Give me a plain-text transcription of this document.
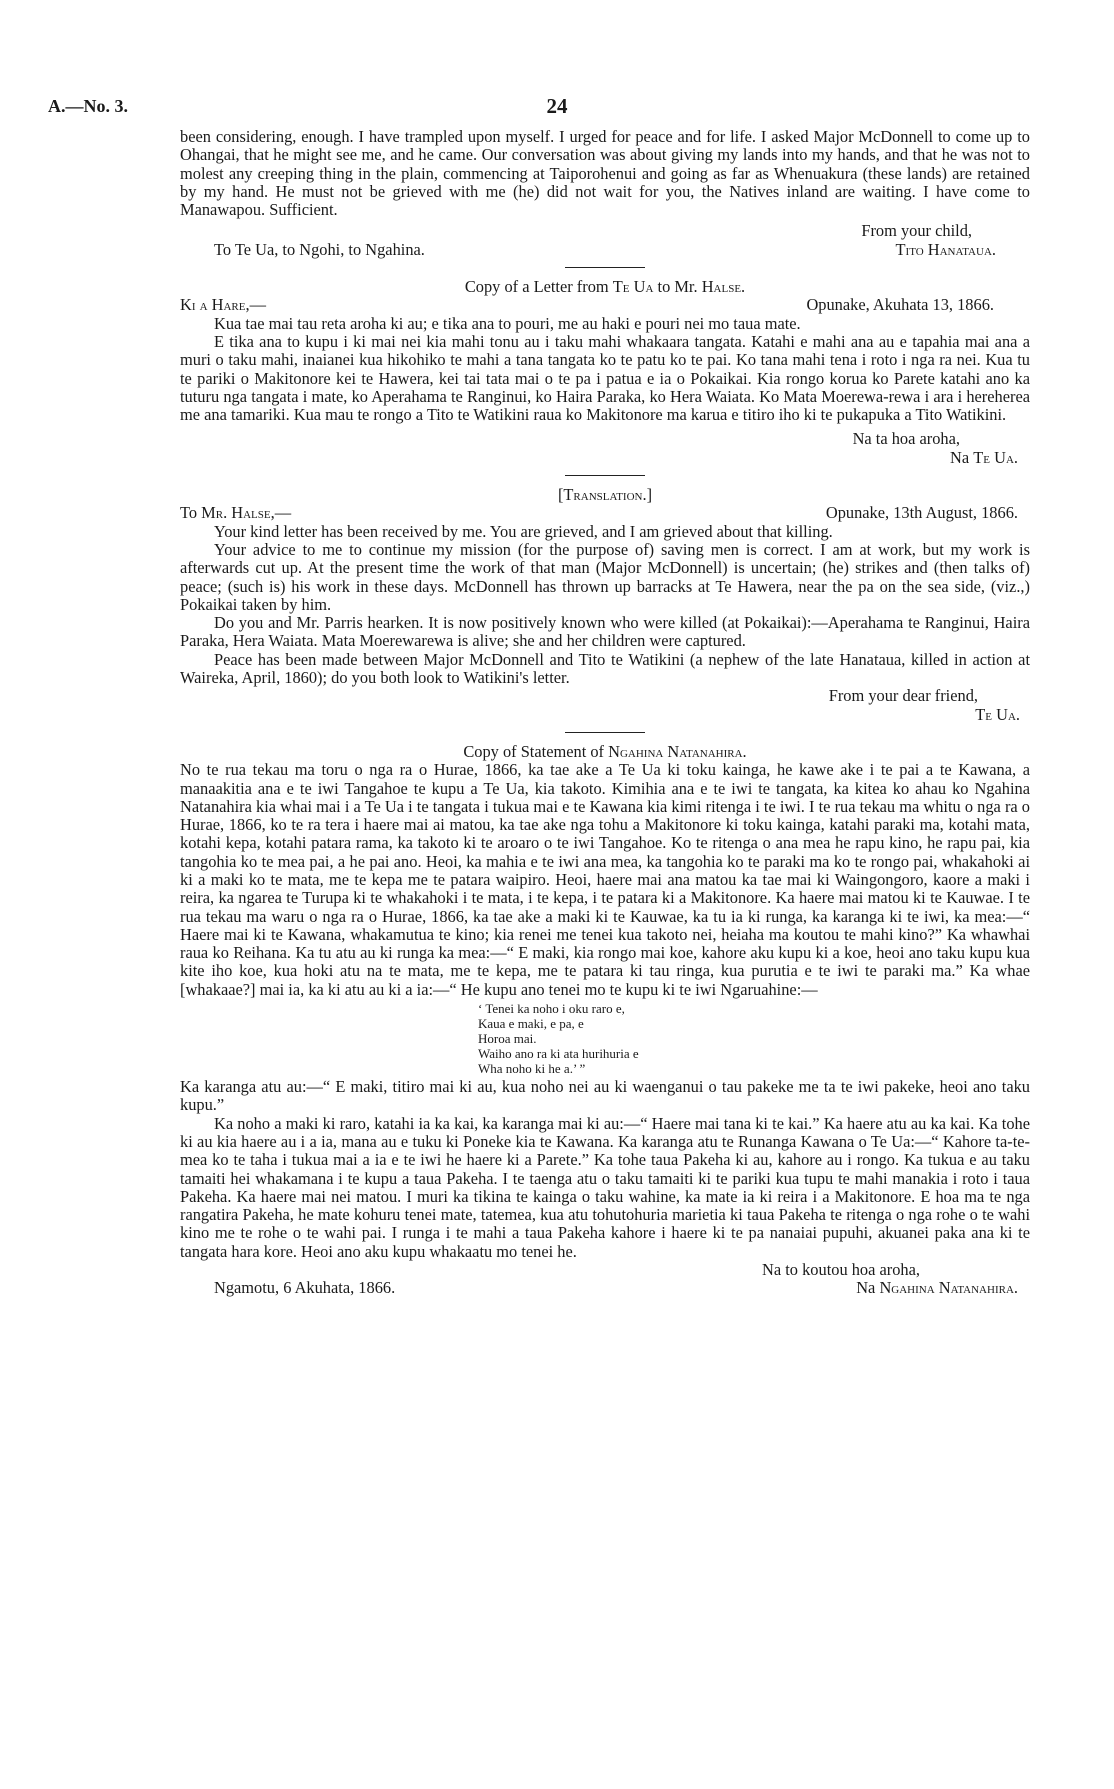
A.—No. 3.	24

been considering, enough. I have trampled upon myself. I urged for peace and for life. I asked Major McDonnell to come up to Ohangai, that he might see me, and he came. Our conversation was about giving my lands into my hands, and that he was not to molest any creeping thing in the plain, commencing at Taiporohenui and going as far as Whenuakura (these lands) are retained by my hand. He must not be grieved with me (he) did not wait for you, the Natives inland are waiting. I have come to Manawapou. Sufficient.

From your child,

To Te Ua, to Ngohi, to Ngahina.	Tito Hanataua.

Copy of a Letter from Te Ua to Mr. Halse.

Ki a Hare,—	Opunake, Akuhata 13, 1866.

Kua tae mai tau reta aroha ki au; e tika ana to pouri, me au haki e pouri nei mo taua mate.

E tika ana to kupu i ki mai nei kia mahi tonu au i taku mahi whakaara tangata. Katahi e mahi ana au e tapahia mai ana a muri o taku mahi, inaianei kua hikohiko te mahi a tana tangata ko te patu ko te pai. Ko tana mahi tena i roto i nga ra nei. Kua tu te pariki o Makitonore kei te Hawera, kei tai tata mai o te pa i patua e ia o Pokaikai. Kia rongo korua ko Parete katahi ano ka tuturu nga tangata i mate, ko Aperahama te Ranginui, ko Haira Paraka, ko Hera Waiata. Ko Mata Moerewa-rewa i ara i hereherea me ana tamariki. Kua mau te rongo a Tito te Watikini raua ko Makitonore ma karua e titiro iho ki te pukapuka a Tito Watikini.

Na ta hoa aroha,

Na Te Ua.

[Translation.]

To Mr. Halse,—	Opunake, 13th August, 1866.

Your kind letter has been received by me. You are grieved, and I am grieved about that killing.

Your advice to me to continue my mission (for the purpose of) saving men is correct. I am at work, but my work is afterwards cut up. At the present time the work of that man (Major McDonnell) is uncertain; (he) strikes and (then talks of) peace; (such is) his work in these days. McDonnell has thrown up barracks at Te Hawera, near the pa on the sea side, (viz.,) Pokaikai taken by him.

Do you and Mr. Parris hearken. It is now positively known who were killed (at Pokaikai):—Aperahama te Ranginui, Haira Paraka, Hera Waiata. Mata Moerewarewa is alive; she and her children were captured.

Peace has been made between Major McDonnell and Tito te Watikini (a nephew of the late Hanataua, killed in action at Waireka, April, 1860); do you both look to Watikini's letter.

From your dear friend,

Te Ua.

Copy of Statement of Ngahina Natanahira.

No te rua tekau ma toru o nga ra o Hurae, 1866, ka tae ake a Te Ua ki toku kainga, he kawe ake i te pai a te Kawana, a manaakitia ana e te iwi Tangahoe te kupu a Te Ua, kia takoto. Kimihia ana e te iwi te tangata, ka kitea ko ahau ko Ngahina Natanahira kia whai mai i a Te Ua i te tangata i tukua mai e te Kawana kia kimi ritenga i te iwi. I te rua tekau ma whitu o nga ra o Hurae, 1866, ko te ra tera i haere mai ai matou, ka tae ake nga tohu a Makitonore ki toku kainga, katahi paraki ma, kotahi mata, kotahi kepa, kotahi patara rama, ka takoto ki te aroaro o te iwi Tangahoe. Ko te ritenga o ana mea he rapu kino, he rapu pai, kia tangohia ko te mea pai, a he pai ano. Heoi, ka mahia e te iwi ana mea, ka tangohia ko te paraki ma ko te rongo pai, whakahoki ai ki a maki ko te mata, me te kepa me te patara waipiro. Heoi, haere mai ana matou ka tae mai ki Waingongoro, kaore a maki i reira, ka ngarea te Turupa ki te whakahoki i te mata, i te kepa, i te patara ki a Makitonore. Ka haere mai matou ki te Kauwae. I te rua tekau ma waru o nga ra o Hurae, 1866, ka tae ake a maki ki te Kauwae, ka tu ia ki runga, ka karanga ki te iwi, ka mea:—“ Haere mai ki te Kawana, whakamutua te kino; kia renei me tenei kua takoto nei, heiaha ma koutou te mahi kino?” Ka whawhai raua ko Reihana. Ka tu atu au ki runga ka mea:—“ E maki, kia rongo mai koe, kahore aku kupu ki a koe, heoi ano taku kupu kua kite iho koe, kua hoki atu na te mata, me te kepa, me te patara ki tau ringa, kua purutia e te iwi te paraki ma.” Ka whae [whakaae?] mai ia, ka ki atu au ki a ia:—“ He kupu ano tenei mo te kupu ki te iwi Ngaruahine:—

‘ Tenei ka noho i oku raro e,
Kaua e maki, e pa, e
Horoa mai.
Waiho ano ra ki ata hurihuria e
Wha noho ki he a.’ ”

Ka karanga atu au:—“ E maki, titiro mai ki au, kua noho nei au ki waenganui o tau pakeke me ta te iwi pakeke, heoi ano taku kupu.”

Ka noho a maki ki raro, katahi ia ka kai, ka karanga mai ki au:—“ Haere mai tana ki te kai.” Ka haere atu au ka kai. Ka tohe ki au kia haere au i a ia, mana au e tuku ki Poneke kia te Kawana. Ka karanga atu te Runanga Kawana o Te Ua:—“ Kahore ta-te-mea ko te taha i tukua mai a ia e te iwi he haere ki a Parete.” Ka tohe taua Pakeha ki au, kahore au i rongo. Ka tukua e au taku tamaiti hei whakamana i te kupu a taua Pakeha. I te taenga atu o taku tamaiti ki te pariki kua tupu te mahi manakia i roto i taua Pakeha. Ka haere mai nei matou. I muri ka tikina te kainga o taku wahine, ka mate ia ki reira i a Makitonore. E hoa ma te nga rangatira Pakeha, he mate kohuru tenei mate, tatemea, kua atu tohutohuria marietia ki taua Pakeha te ritenga o nga rohe o te wahi kino me te rohe o te wahi pai. I runga i te mahi a taua Pakeha kahore i haere ki te pa nanaiai pupuhi, akuanei paka ana ki te tangata hara kore. Heoi ano aku kupu whakaatu mo tenei he.

Na to koutou hoa aroha,

Ngamotu, 6 Akuhata, 1866.	Na Ngahina Natanahira.
